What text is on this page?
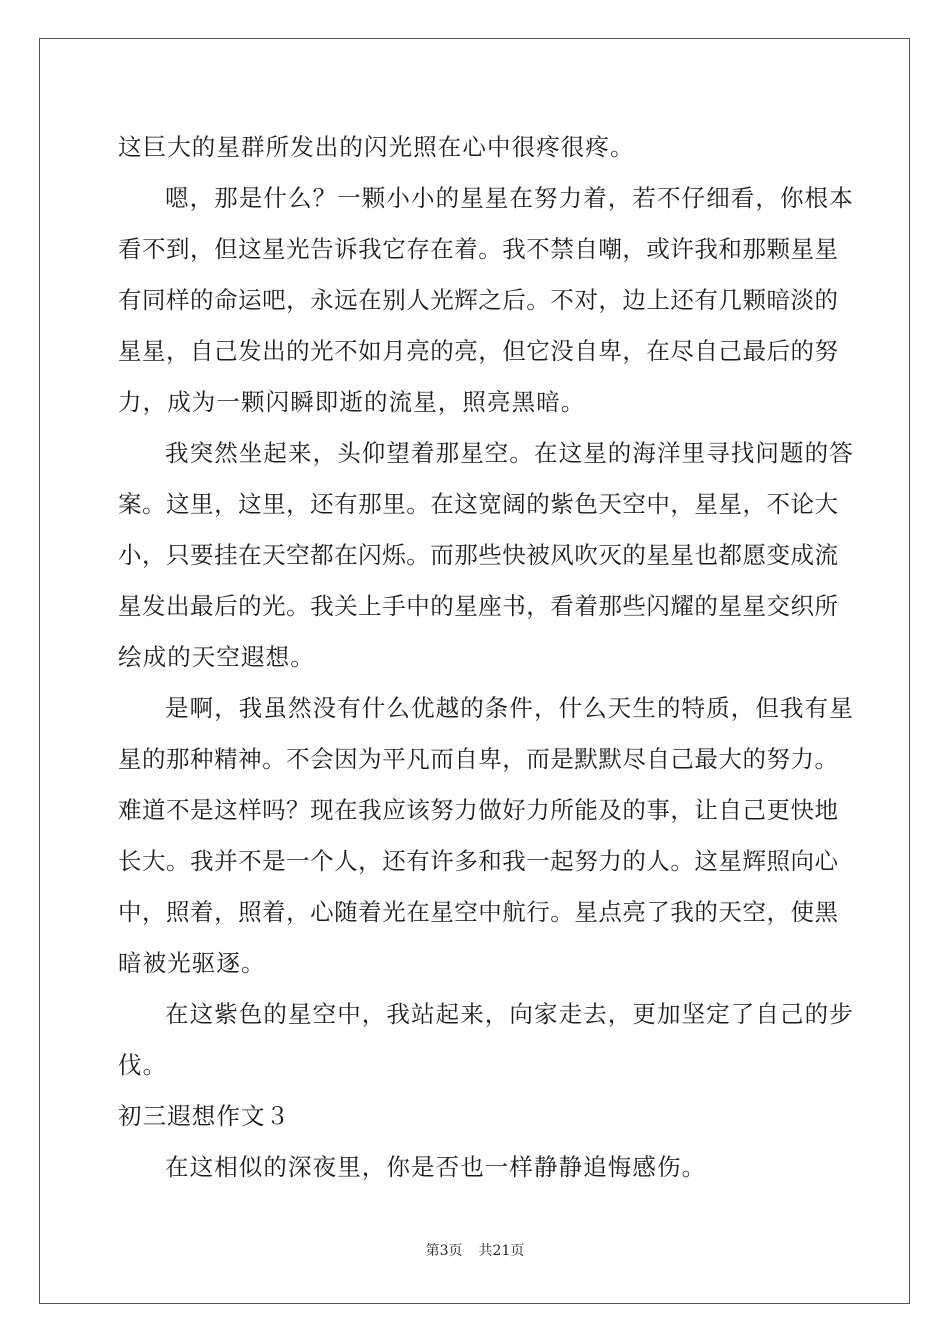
这巨大的星群所发出的闪光照在心中很疼很疼。
嗯，那是什么？一颗小小的星星在努力着，若不仔细看，你根本
看不到，但这星光告诉我它存在着。我不禁自嘲，或许我和那颗星星
有同样的命运吧，永远在别人光辉之后。不对，边上还有几颗暗淡的
星星，自己发出的光不如月亮的亮，但它没自卑，在尽自己最后的努
力，成为一颗闪瞬即逝的流星，照亮黑暗。
我突然坐起来，头仰望着那星空。在这星的海洋里寻找问题的答
案。这里，这里，还有那里。在这宽阔的紫色天空中，星星，不论大
小，只要挂在天空都在闪烁。而那些快被风吹灭的星星也都愿变成流
星发出最后的光。我关上手中的星座书，看着那些闪耀的星星交织所
绘成的天空遐想。
是啊，我虽然没有什么优越的条件，什么天生的特质，但我有星
星的那种精神。不会因为平凡而自卑，而是默默尽自己最大的努力。
难道不是这样吗？现在我应该努力做好力所能及的事，让自己更快地
长大。我并不是一个人，还有许多和我一起努力的人。这星辉照向心
中，照着，照着，心随着光在星空中航行。星点亮了我的天空，使黑
暗被光驱逐。
在这紫色的星空中，我站起来，向家走去，更加坚定了自己的步
伐。
初三遐想作文３
在这相似的深夜里，你是否也一样静静追悔感伤。
第3页 共21页
